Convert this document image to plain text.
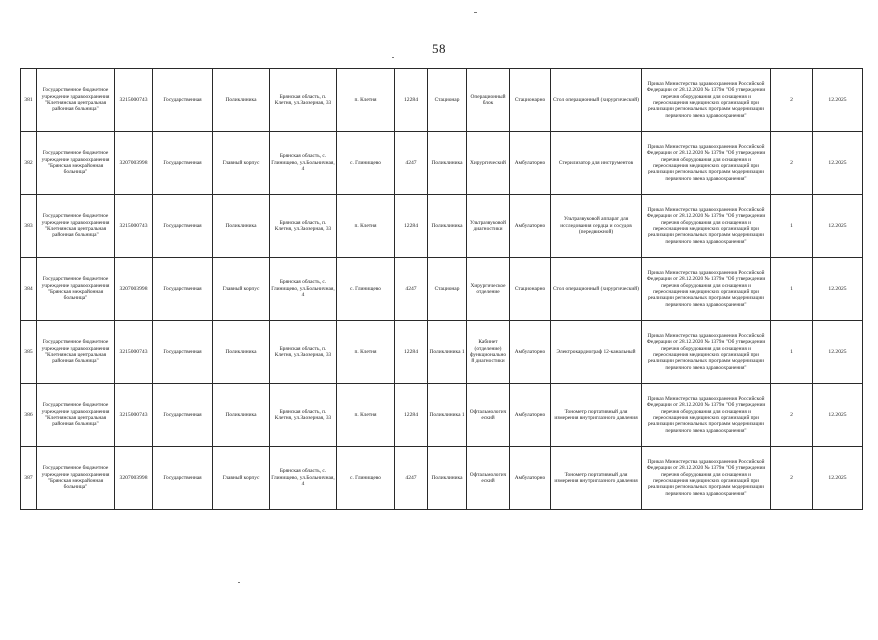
58
381	Государственное бюджетное учреждение здравоохранения "Клетнянская центральная районная больница"	3215000743	Государственная	Поликлиника	Брянская область, п. Клетня, ул.Заозерная, 33	п. Клетня	12284	Стационар	Операционный блок	Стационарно	Стол операционный (хирургический)	Приказ Министерства здравоохранения Российской Федерации от 28.12.2020 № 1379н "Об утверждении перечня оборудования для оснащения и переоснащения медицинских организаций при реализации региональных программ модернизации первичного звена здравоохранения"	2	12.2025
382	Государственное бюджетное учреждение здравоохранения "Брянская межрайонная больница"	3207003998	Государственная	Главный корпус	Брянская область, с. Глинищево, ул.Больничная, 4	с. Глинищево	4247	Поликлиника	Хирургический	Амбулаторно	Стерилизатор для инструментов	Приказ Министерства здравоохранения Российской Федерации от 28.12.2020 № 1379н "Об утверждении перечня оборудования для оснащения и переоснащения медицинских организаций при реализации региональных программ модернизации первичного звена здравоохранения"	2	12.2025
383	Государственное бюджетное учреждение здравоохранения "Клетнянская центральная районная больница"	3215000743	Государственная	Поликлиника	Брянская область, п. Клетня, ул.Заозерная, 33	п. Клетня	12284	Поликлиника	Ультразвуковой диагностики	Амбулаторно	Ультразвуковой аппарат для исследования сердца и сосудов (передвижной)	Приказ Министерства здравоохранения Российской Федерации от 28.12.2020 № 1379н "Об утверждении перечня оборудования для оснащения и переоснащения медицинских организаций при реализации региональных программ модернизации первичного звена здравоохранения"	1	12.2025
384	Государственное бюджетное учреждение здравоохранения "Брянская межрайонная больница"	3207003998	Государственная	Главный корпус	Брянская область, с. Глинищево, ул.Больничная, 4	с. Глинищево	4247	Стационар	Хирургическое отделение	Стационарно	Стол операционный (хирургический)	Приказ Министерства здравоохранения Российской Федерации от 28.12.2020 № 1379н "Об утверждении перечня оборудования для оснащения и переоснащения медицинских организаций при реализации региональных программ модернизации первичного звена здравоохранения"	1	12.2025
385	Государственное бюджетное учреждение здравоохранения "Клетнянская центральная районная больница"	3215000743	Государственная	Поликлиника	Брянская область, п. Клетня, ул.Заозерная, 33	п. Клетня	12284	Поликлиника 1	Кабинет (отделение) функционально й диагностики	Амбулаторно	Электрокардиограф 12-канальный	Приказ Министерства здравоохранения Российской Федерации от 28.12.2020 № 1379н "Об утверждении перечня оборудования для оснащения и переоснащения медицинских организаций при реализации региональных программ модернизации первичного звена здравоохранения"	1	12.2025
386	Государственное бюджетное учреждение здравоохранения "Клетнянская центральная районная больница"	3215000743	Государственная	Поликлиника	Брянская область, п. Клетня, ул.Заозерная, 33	п. Клетня	12284	Поликлиника 1	Офтальмологич еский	Амбулаторно	Тонометр портативный для измерения внутриглазного давления	Приказ Министерства здравоохранения Российской Федерации от 28.12.2020 № 1379н "Об утверждении перечня оборудования для оснащения и переоснащения медицинских организаций при реализации региональных программ модернизации первичного звена здравоохранения"	2	12.2025
387	Государственное бюджетное учреждение здравоохранения "Брянская межрайонная больница"	3207003998	Государственная	Главный корпус	Брянская область, с. Глинищево, ул.Больничная, 4	с. Глинищево	4247	Поликлиника	Офтальмологич еский	Амбулаторно	Тонометр портативный для измерения внутриглазного давления	Приказ Министерства здравоохранения Российской Федерации от 28.12.2020 № 1379н "Об утверждении перечня оборудования для оснащения и переоснащения медицинских организаций при реализации региональных программ модернизации первичного звена здравоохранения"	2	12.2025
